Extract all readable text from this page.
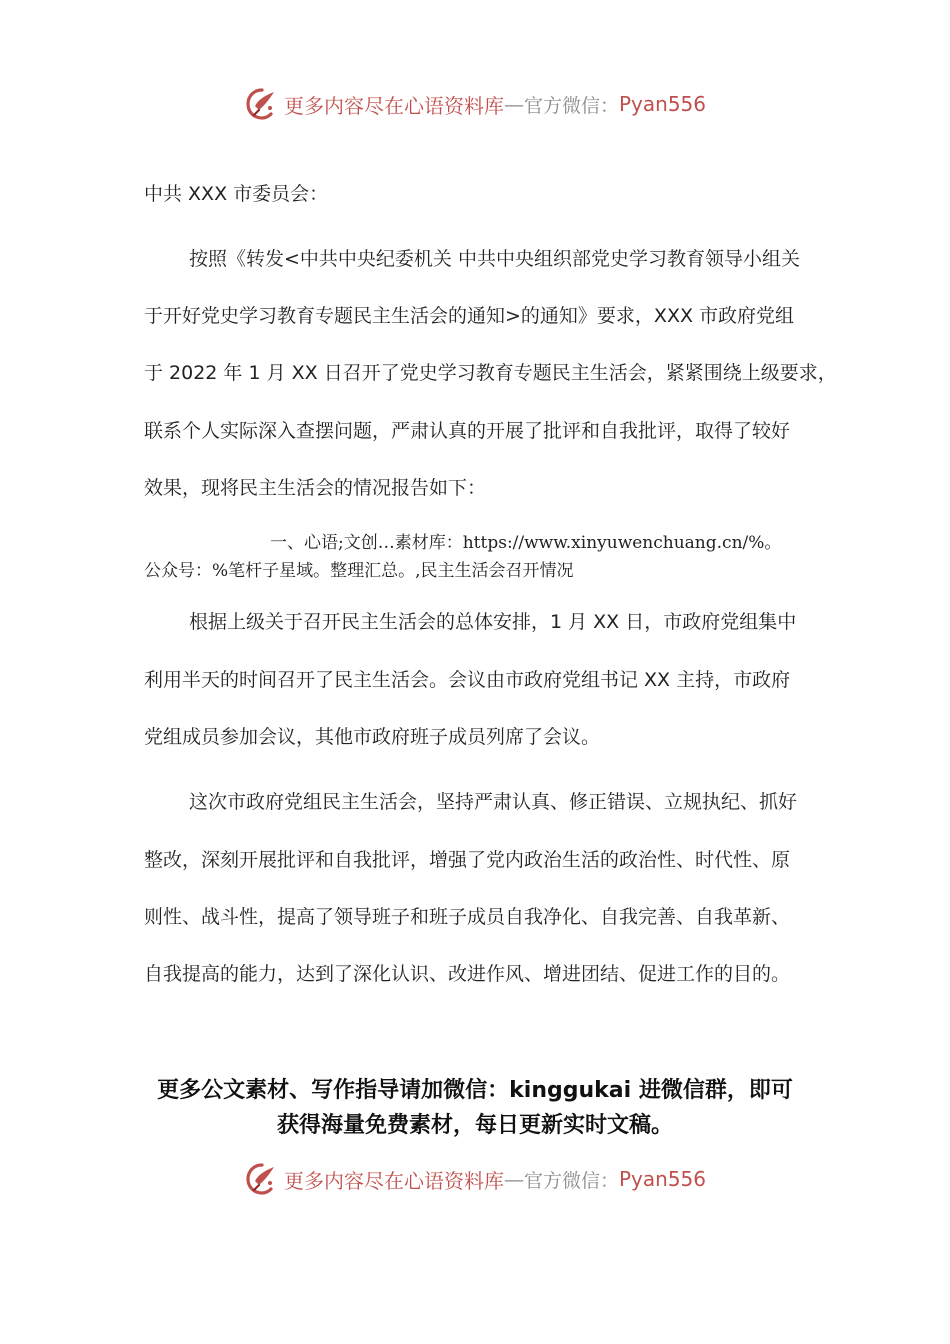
更多内容尽在心语资料库 — 官方微信： Pyan556
中共 XXX 市委员会：
按照《转发<中共中央纪委机关 中共中央组织部党史学习教育领导小组关
于开好党史学习教育专题民主生活会的通知>的通知》要求，XXX 市政府党组
于 2022 年 1 月 XX 日召开了党史学习教育专题民主生活会，紧紧围绕上级要求，
联系个人实际深入查摆问题，严肃认真的开展了批评和自我批评，取得了较好
效果，现将民主生活会的情况报告如下：
一、心语;文创…素材库：https://www.xinyuwenchuang.cn/%。
公众号：%笔杆子星域。整理汇总。,民主生活会召开情况
根据上级关于召开民主生活会的总体安排，1 月 XX 日，市政府党组集中
利用半天的时间召开了民主生活会。会议由市政府党组书记 XX 主持，市政府
党组成员参加会议，其他市政府班子成员列席了会议。
这次市政府党组民主生活会，坚持严肃认真、修正错误、立规执纪、抓好
整改，深刻开展批评和自我批评，增强了党内政治生活的政治性、时代性、原
则性、战斗性，提高了领导班子和班子成员自我净化、自我完善、自我革新、
自我提高的能力，达到了深化认识、改进作风、增进团结、促进工作的目的。
更多公文素材、写作指导请加微信：kinggukai 进微信群，即可
获得海量免费素材，每日更新实时文稿。
更多内容尽在心语资料库 — 官方微信： Pyan556
